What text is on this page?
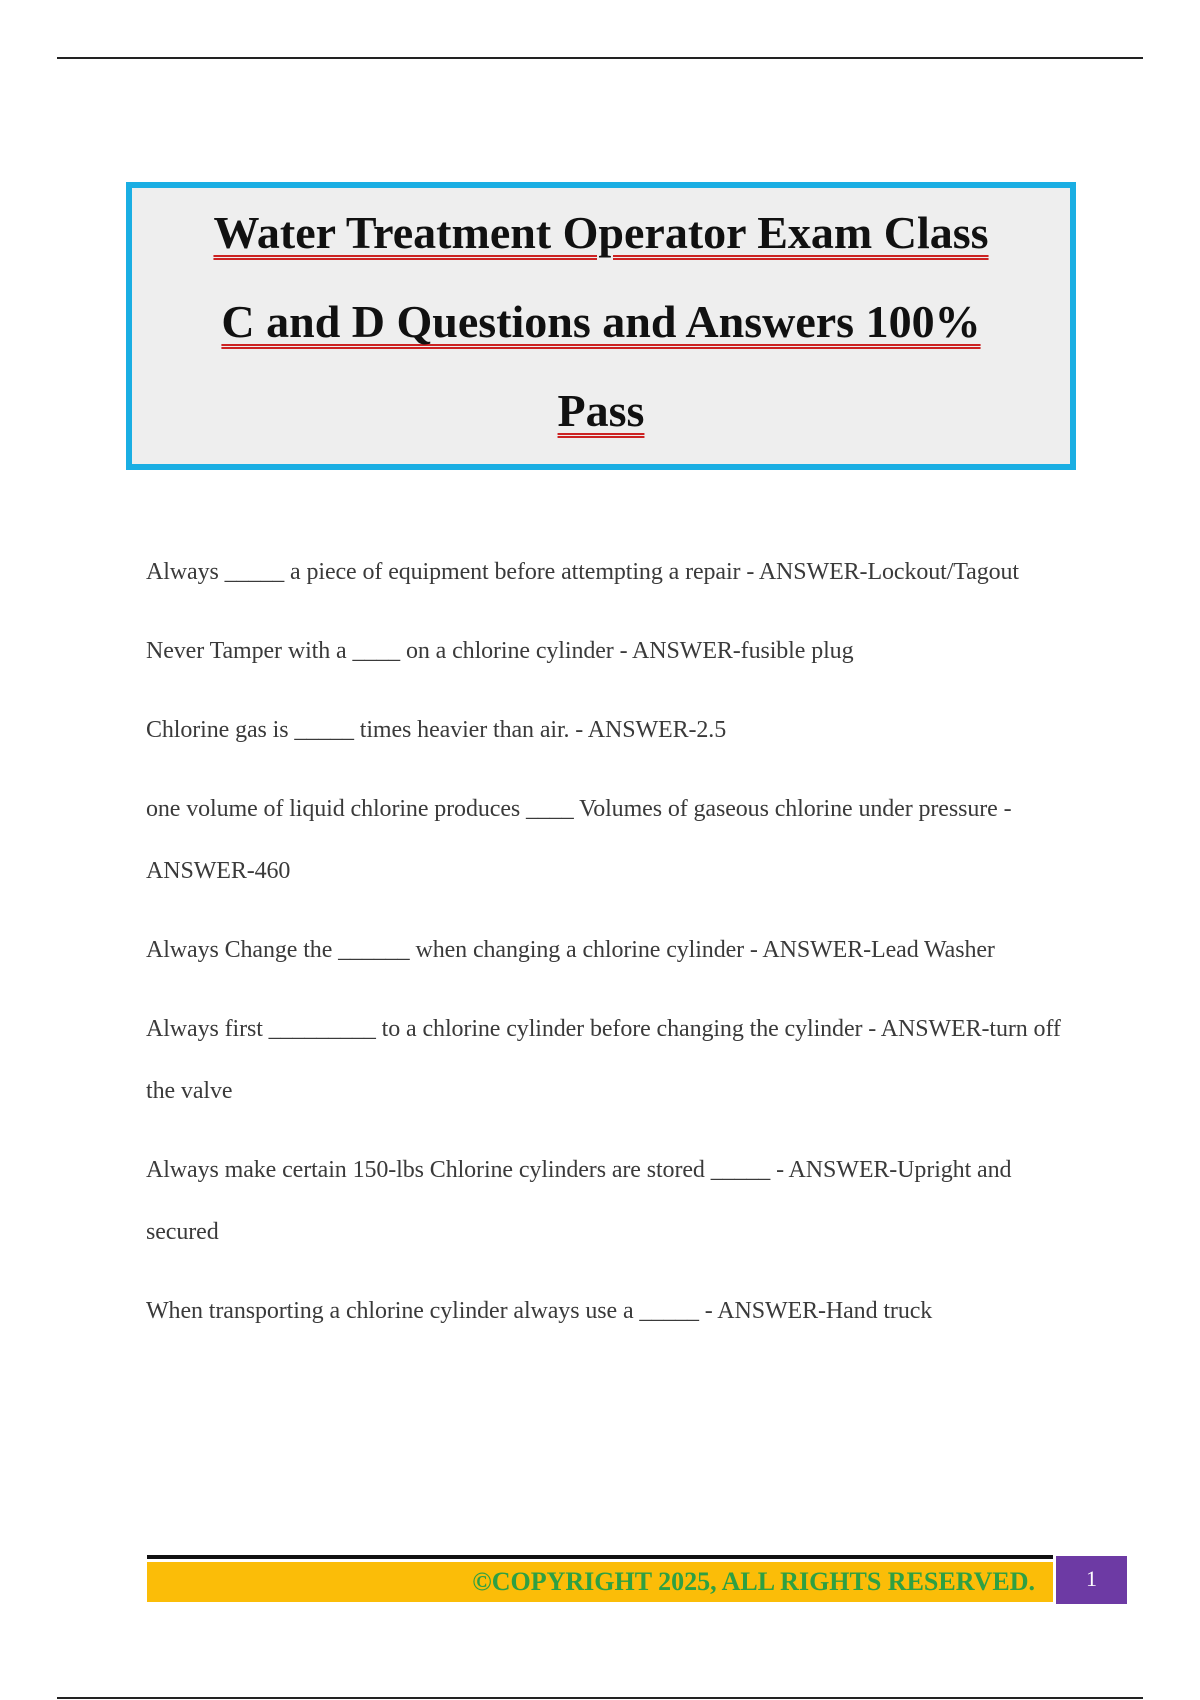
Water Treatment Operator Exam Class
C and D Questions and Answers 100%
Pass
Always _____ a piece of equipment before attempting a repair - ANSWER-Lockout/Tagout
Never Tamper with a ____ on a chlorine cylinder - ANSWER-fusible plug
Chlorine gas is _____ times heavier than air. - ANSWER-2.5
one volume of liquid chlorine produces ____ Volumes of gaseous chlorine under pressure - ANSWER-460
Always Change the ______ when changing a chlorine cylinder - ANSWER-Lead Washer
Always first _________ to a chlorine cylinder before changing the cylinder - ANSWER-turn off the valve
Always make certain 150-lbs Chlorine cylinders are stored _____ - ANSWER-Upright and secured
When transporting a chlorine cylinder always use a _____ - ANSWER-Hand truck
©COPYRIGHT 2025, ALL RIGHTS RESERVED.	1
